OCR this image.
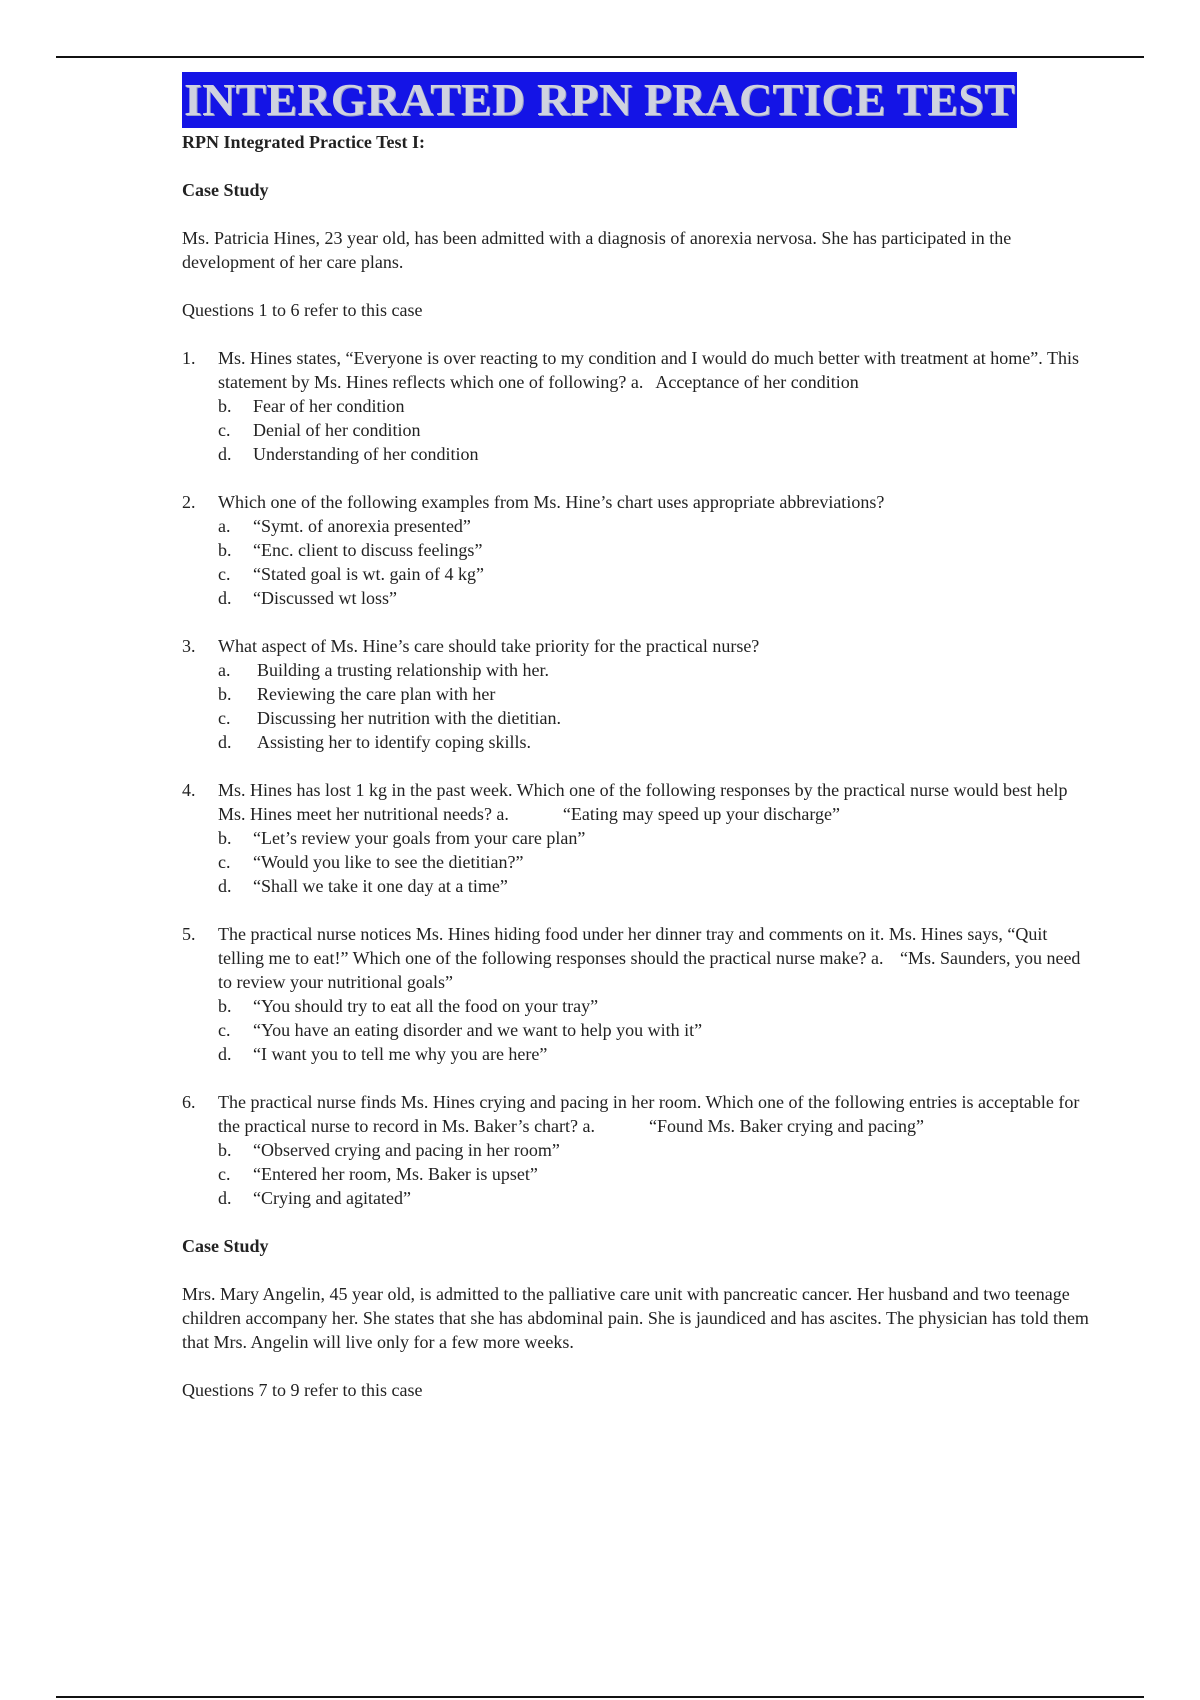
INTERGRATED RPN PRACTICE TEST
RPN Integrated Practice Test I:
Case Study
Ms. Patricia Hines, 23 year old, has been admitted with a diagnosis of anorexia nervosa. She has participated in the development of her care plans.
Questions 1 to 6 refer to this case
1. Ms. Hines states, “Everyone is over reacting to my condition and I would do much better with treatment at home”. This statement by Ms. Hines reflects which one of following? a. Acceptance of her condition
b. Fear of her condition
c. Denial of her condition
d. Understanding of her condition
2. Which one of the following examples from Ms. Hine’s chart uses appropriate abbreviations?
a. “Symt. of anorexia presented”
b. “Enc. client to discuss feelings”
c. “Stated goal is wt. gain of 4 kg”
d. “Discussed wt loss”
3. What aspect of Ms. Hine’s care should take priority for the practical nurse?
a. Building a trusting relationship with her.
b. Reviewing the care plan with her
c. Discussing her nutrition with the dietitian.
d. Assisting her to identify coping skills.
4. Ms. Hines has lost 1 kg in the past week. Which one of the following responses by the practical nurse would best help Ms. Hines meet her nutritional needs? a.	“Eating may speed up your discharge”
b. “Let’s review your goals from your care plan”
c. “Would you like to see the dietitian?”
d. “Shall we take it one day at a time”
5. The practical nurse notices Ms. Hines hiding food under her dinner tray and comments on it. Ms. Hines says, “Quit telling me to eat!” Which one of the following responses should the practical nurse make? a. “Ms. Saunders, you need to review your nutritional goals”
b. “You should try to eat all the food on your tray”
c. “You have an eating disorder and we want to help you with it”
d. “I want you to tell me why you are here”
6. The practical nurse finds Ms. Hines crying and pacing in her room. Which one of the following entries is acceptable for the practical nurse to record in Ms. Baker’s chart? a.	“Found Ms. Baker crying and pacing”
b. “Observed crying and pacing in her room”
c. “Entered her room, Ms. Baker is upset”
d. “Crying and agitated”
Case Study
Mrs. Mary Angelin, 45 year old, is admitted to the palliative care unit with pancreatic cancer. Her husband and two teenage children accompany her. She states that she has abdominal pain. She is jaundiced and has ascites. The physician has told them that Mrs. Angelin will live only for a few more weeks.
Questions 7 to 9 refer to this case
